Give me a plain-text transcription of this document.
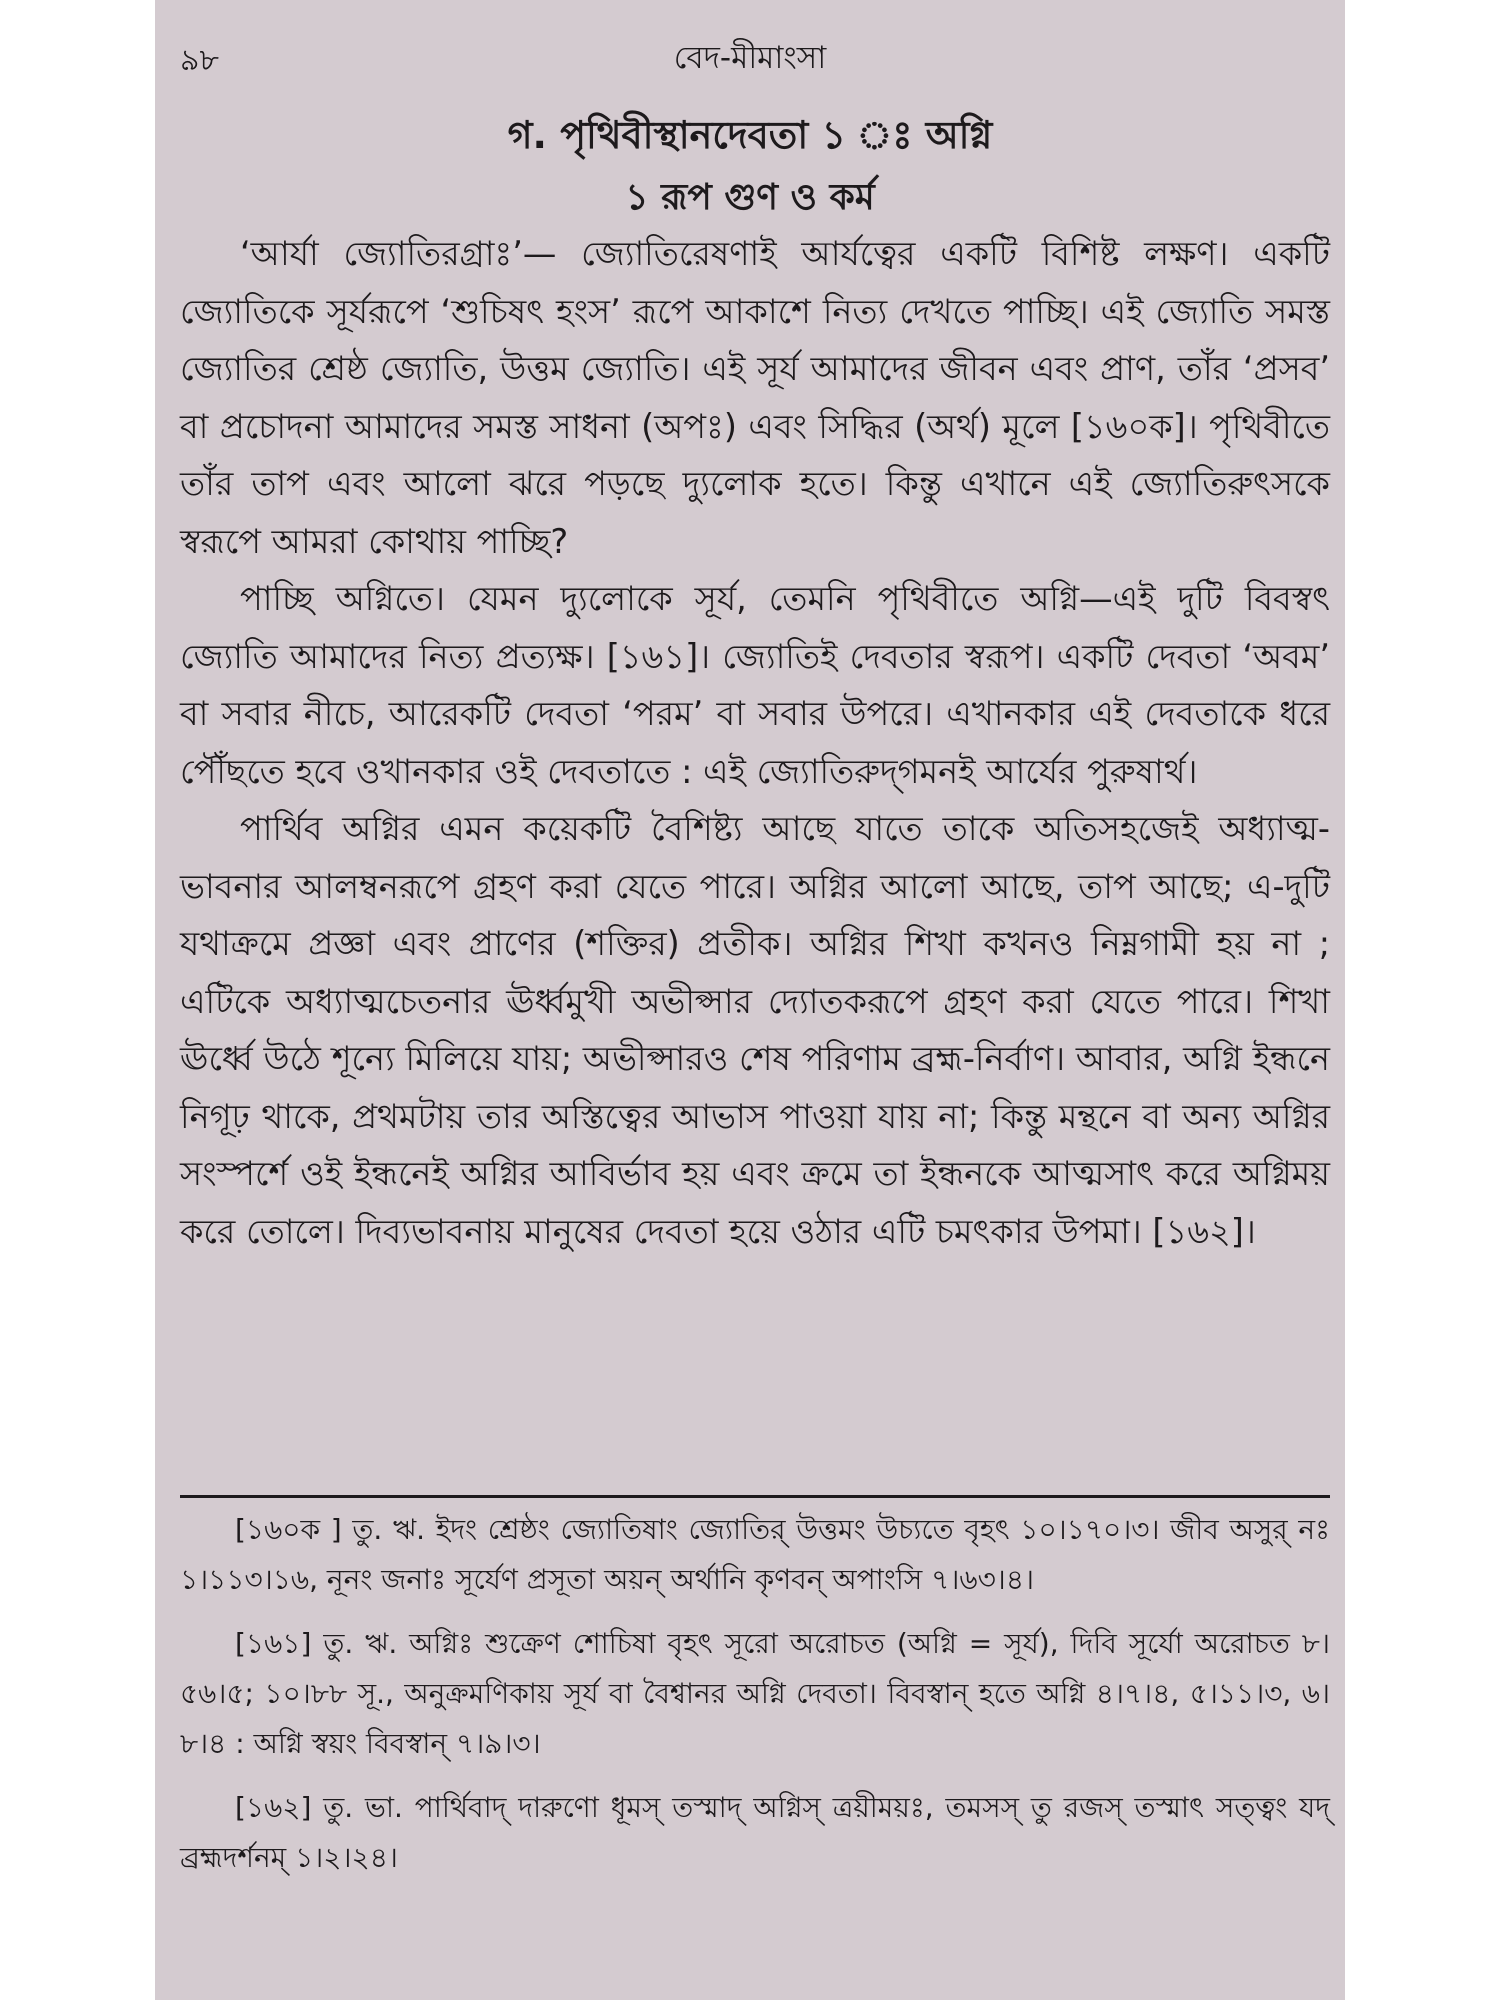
৯৮	বেদ-মীমাংসা
গ. পৃথিবীস্থানদেবতা ১ ঃ অগ্নি
১ রূপ গুণ ও কর্ম

‘আর্যা জ্যোতিরগ্রাঃ’— জ্যোতিরেষণাই আর্যত্বের একটি বিশিষ্ট লক্ষণ। একটি জ্যোতিকে সূর্যরূপে ‘শুচিষৎ হংস’ রূপে আকাশে নিত্য দেখতে পাচ্ছি। এই জ্যোতি সমস্ত জ্যোতির শ্রেষ্ঠ জ্যোতি, উত্তম জ্যোতি। এই সূর্য আমাদের জীবন এবং প্রাণ, তাঁর ‘প্রসব’ বা প্রচোদনা আমাদের সমস্ত সাধনা (অপঃ) এবং সিদ্ধির (অর্থ) মূলে [১৬০ক]। পৃথিবীতে তাঁর তাপ এবং আলো ঝরে পড়ছে দ্যুলোক হতে। কিন্তু এখানে এই জ্যোতিরুৎসকে স্বরূপে আমরা কোথায় পাচ্ছি?

পাচ্ছি অগ্নিতে। যেমন দ্যুলোকে সূর্য, তেমনি পৃথিবীতে অগ্নি—এই দুটি বিবস্বৎ জ্যোতি আমাদের নিত্য প্রত্যক্ষ। [১৬১]। জ্যোতিই দেবতার স্বরূপ। একটি দেবতা ‘অবম’ বা সবার নীচে, আরেকটি দেবতা ‘পরম’ বা সবার উপরে। এখানকার এই দেবতাকে ধরে পৌঁছতে হবে ওখানকার ওই দেবতাতে : এই জ্যোতিরুদ্‌গমনই আর্যের পুরুষার্থ।

পার্থিব অগ্নির এমন কয়েকটি বৈশিষ্ট্য আছে যাতে তাকে অতিসহজেই অধ্যাত্ম-ভাবনার আলম্বনরূপে গ্রহণ করা যেতে পারে। অগ্নির আলো আছে, তাপ আছে; এ-দুটি যথাক্রমে প্রজ্ঞা এবং প্রাণের (শক্তির) প্রতীক। অগ্নির শিখা কখনও নিম্নগামী হয় না ; এটিকে অধ্যাত্মচেতনার ঊর্ধ্বমুখী অভীপ্সার দ্যোতকরূপে গ্রহণ করা যেতে পারে। শিখা ঊর্ধ্বে উঠে শূন্যে মিলিয়ে যায়; অভীপ্সারও শেষ পরিণাম ব্রহ্ম-নির্বাণ। আবার, অগ্নি ইন্ধনে নিগূঢ় থাকে, প্রথমটায় তার অস্তিত্বের আভাস পাওয়া যায় না; কিন্তু মন্থনে বা অন্য অগ্নির সংস্পর্শে ওই ইন্ধনেই অগ্নির আবির্ভাব হয় এবং ক্রমে তা ইন্ধনকে আত্মসাৎ করে অগ্নিময় করে তোলে। দিব্যভাবনায় মানুষের দেবতা হয়ে ওঠার এটি চমৎকার উপমা। [১৬২]।

[১৬০ক ] তু. ঋ. ইদং শ্রেষ্ঠং জ্যোতিষাং জ্যোতির্‌ উত্তমং উচ্যতে বৃহৎ ১০।১৭০।৩। জীব অসুর্‌ নঃ ১।১১৩।১৬, নূনং জনাঃ সূর্যেণ প্রসূতা অয়ন্‌ অর্থানি কৃণবন্‌ অপাংসি ৭।৬৩।৪।

[১৬১] তু. ঋ. অগ্নিঃ শুক্রেণ শোচিষা বৃহৎ সূরো অরোচত (অগ্নি = সূর্য), দিবি সূর্যো অরোচত ৮।৫৬।৫; ১০।৮৮ সূ., অনুক্রমণিকায় সূর্য বা বৈশ্বানর অগ্নি দেবতা। বিবস্বান্‌ হতে অগ্নি ৪।৭।৪, ৫।১১।৩, ৬।৮।৪ : অগ্নি স্বয়ং বিবস্বান্‌ ৭।৯।৩।

[১৬২] তু. ভা. পার্থিবাদ্‌ দারুণো ধূমস্‌ তস্মাদ্‌ অগ্নিস্‌ ত্রয়ীময়ঃ, তমসস্‌ তু রজস্‌ তস্মাৎ সত্ত্বং যদ্‌ ব্রহ্মদর্শনম্‌ ১।২।২৪।
